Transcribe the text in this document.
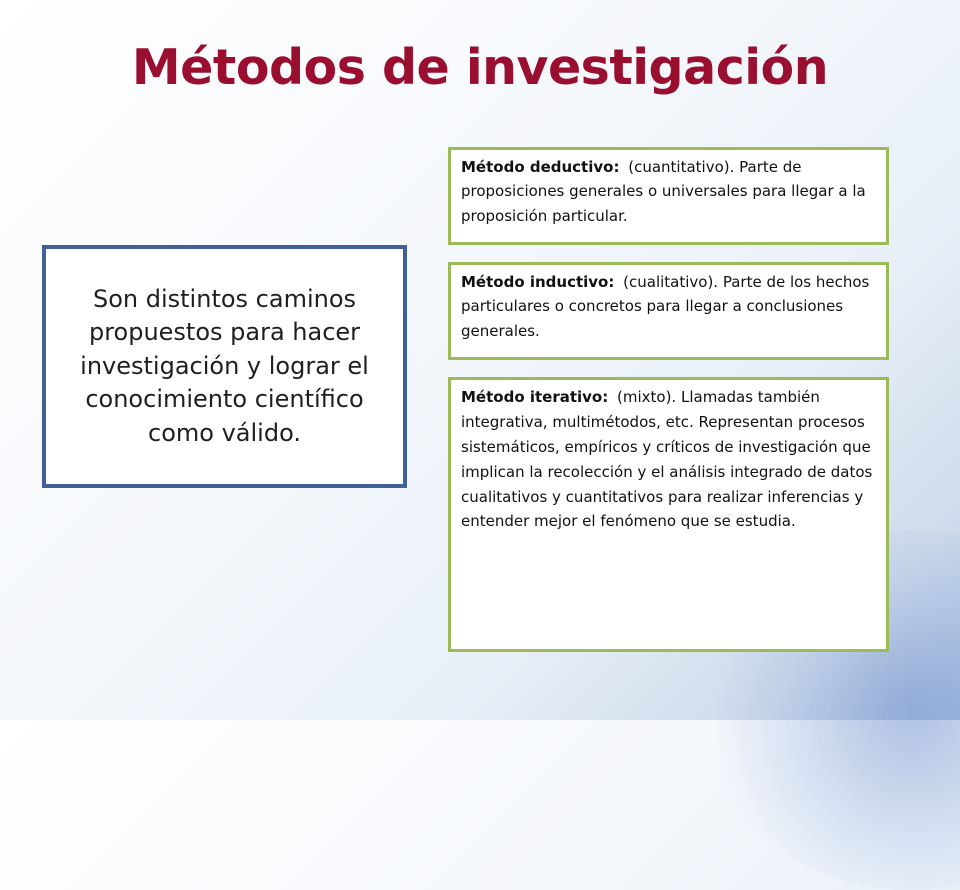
Métodos de investigación
Son distintos caminos propuestos para hacer investigación y lograr el conocimiento científico como válido.
Método deductivo: (cuantitativo). Parte de proposiciones generales o universales para llegar a la proposición particular.
Método inductivo: (cualitativo). Parte de los hechos particulares o concretos para llegar a conclusiones generales.
Método iterativo: (mixto). Llamadas también integrativa, multimétodos, etc. Representan procesos sistemáticos, empíricos y críticos de investigación que implican la recolección y el análisis integrado de datos cualitativos y cuantitativos para realizar inferencias y entender mejor el fenómeno que se estudia.
